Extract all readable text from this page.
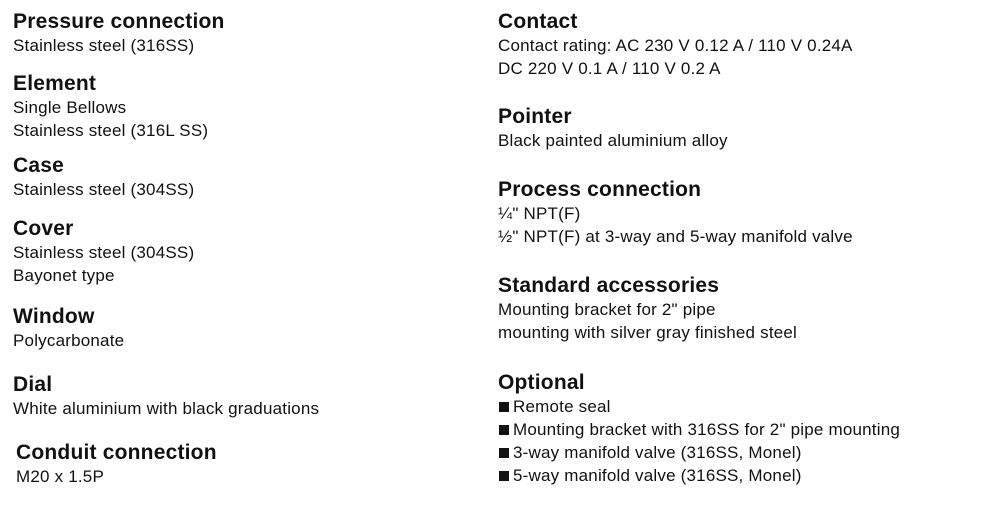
Pressure connection
Stainless steel (316SS)
Element
Single Bellows
Stainless steel (316L SS)
Case
Stainless steel (304SS)
Cover
Stainless steel (304SS)
Bayonet type
Window
Polycarbonate
Dial
White aluminium with black graduations
Conduit connection
M20 x 1.5P
Contact
Contact rating: AC 230 V 0.12 A / 110 V 0.24A
DC 220 V 0.1 A / 110 V 0.2 A
Pointer
Black painted aluminium alloy
Process connection
¼" NPT(F)
½" NPT(F) at 3-way and 5-way manifold valve
Standard accessories
Mounting bracket for 2" pipe
mounting with silver gray finished steel
Optional
Remote seal
Mounting bracket with 316SS for 2" pipe mounting
3-way manifold valve (316SS, Monel)
5-way manifold valve (316SS, Monel)
